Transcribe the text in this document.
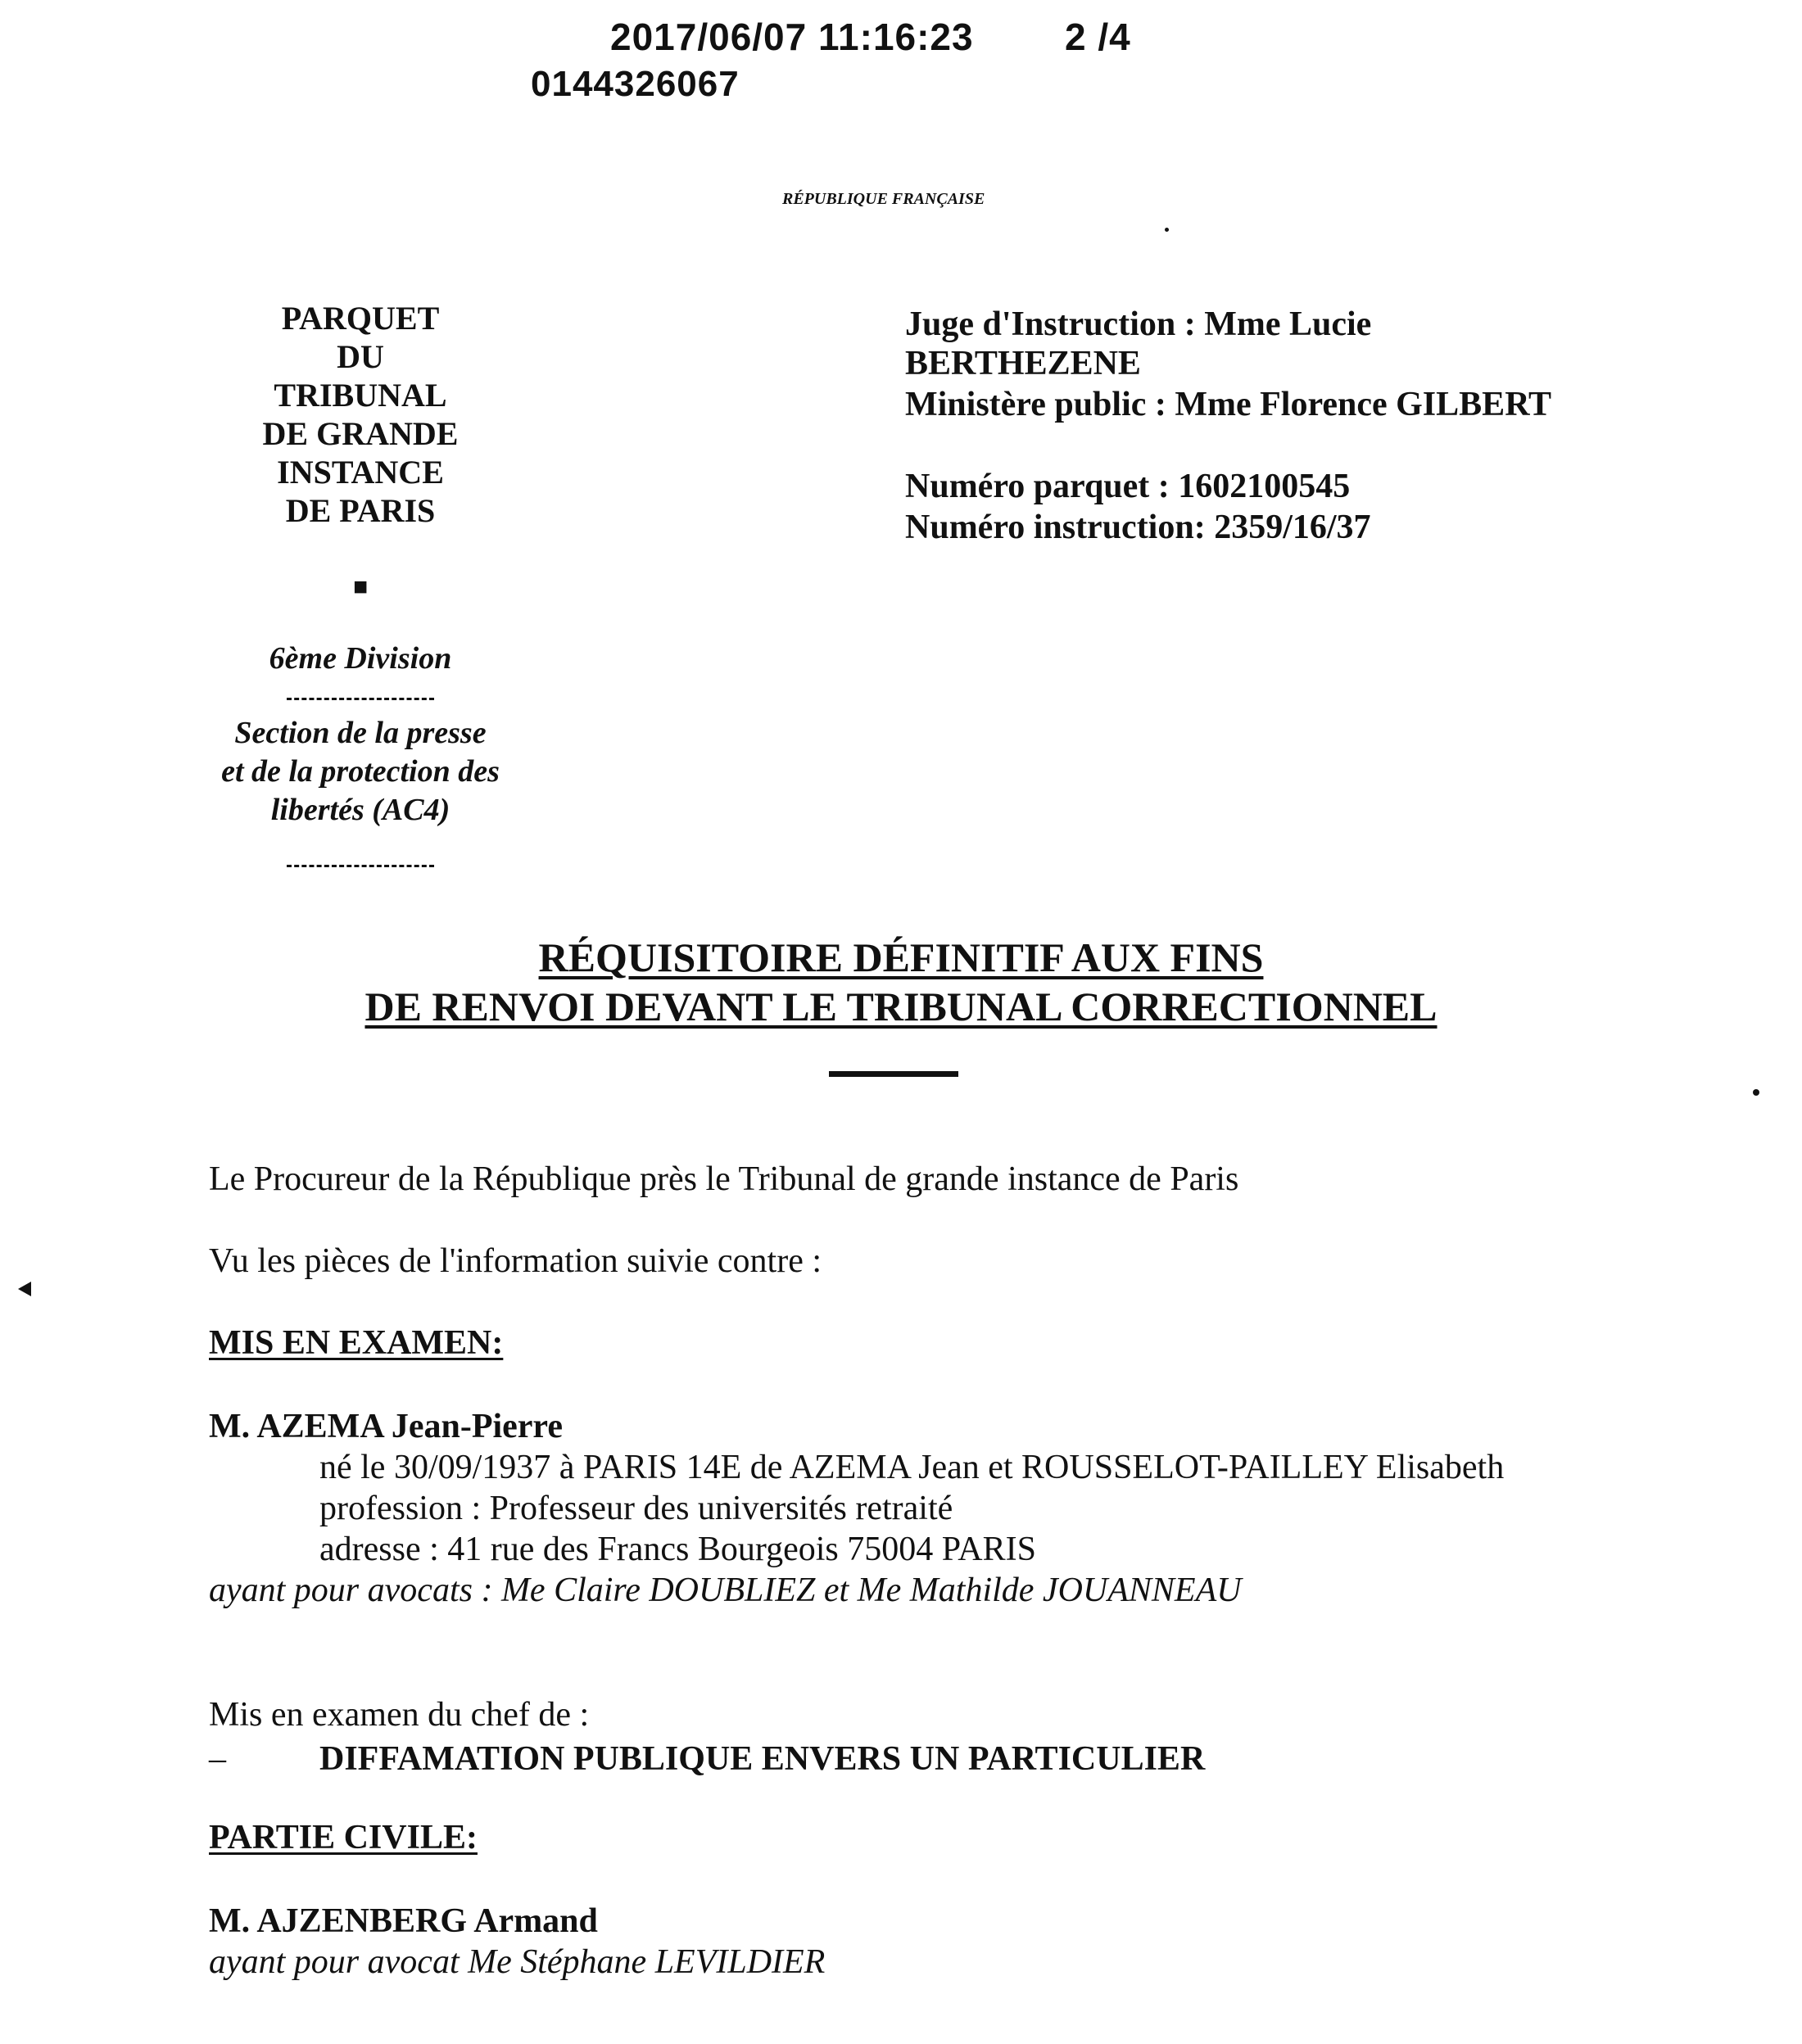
2017/06/07 11:16:23 2 /4
0144326067
RÉPUBLIQUE FRANÇAISE
PARQUET
DU
TRIBUNAL
DE GRANDE
INSTANCE
DE PARIS
■
6ème Division
Section de la presse
et de la protection des
libertés (AC4)
Juge d'Instruction : Mme Lucie
BERTHEZENE
Ministère public : Mme Florence GILBERT
Numéro parquet : 1602100545
Numéro instruction: 2359/16/37
RÉQUISITOIRE DÉFINITIF AUX FINS
DE RENVOI DEVANT LE TRIBUNAL CORRECTIONNEL
Le Procureur de la République près le Tribunal de grande instance de Paris
Vu les pièces de l'information suivie contre :
MIS EN EXAMEN:
M. AZEMA Jean-Pierre
né le 30/09/1937 à PARIS 14E de AZEMA Jean et ROUSSELOT-PAILLEY Elisabeth
profession : Professeur des universités retraité
adresse : 41 rue des Francs Bourgeois 75004 PARIS
ayant pour avocats : Me Claire DOUBLIEZ et Me Mathilde JOUANNEAU
Mis en examen du chef de :
–	DIFFAMATION PUBLIQUE ENVERS UN PARTICULIER
PARTIE CIVILE:
M. AJZENBERG Armand
ayant pour avocat Me Stéphane LEVILDIER
